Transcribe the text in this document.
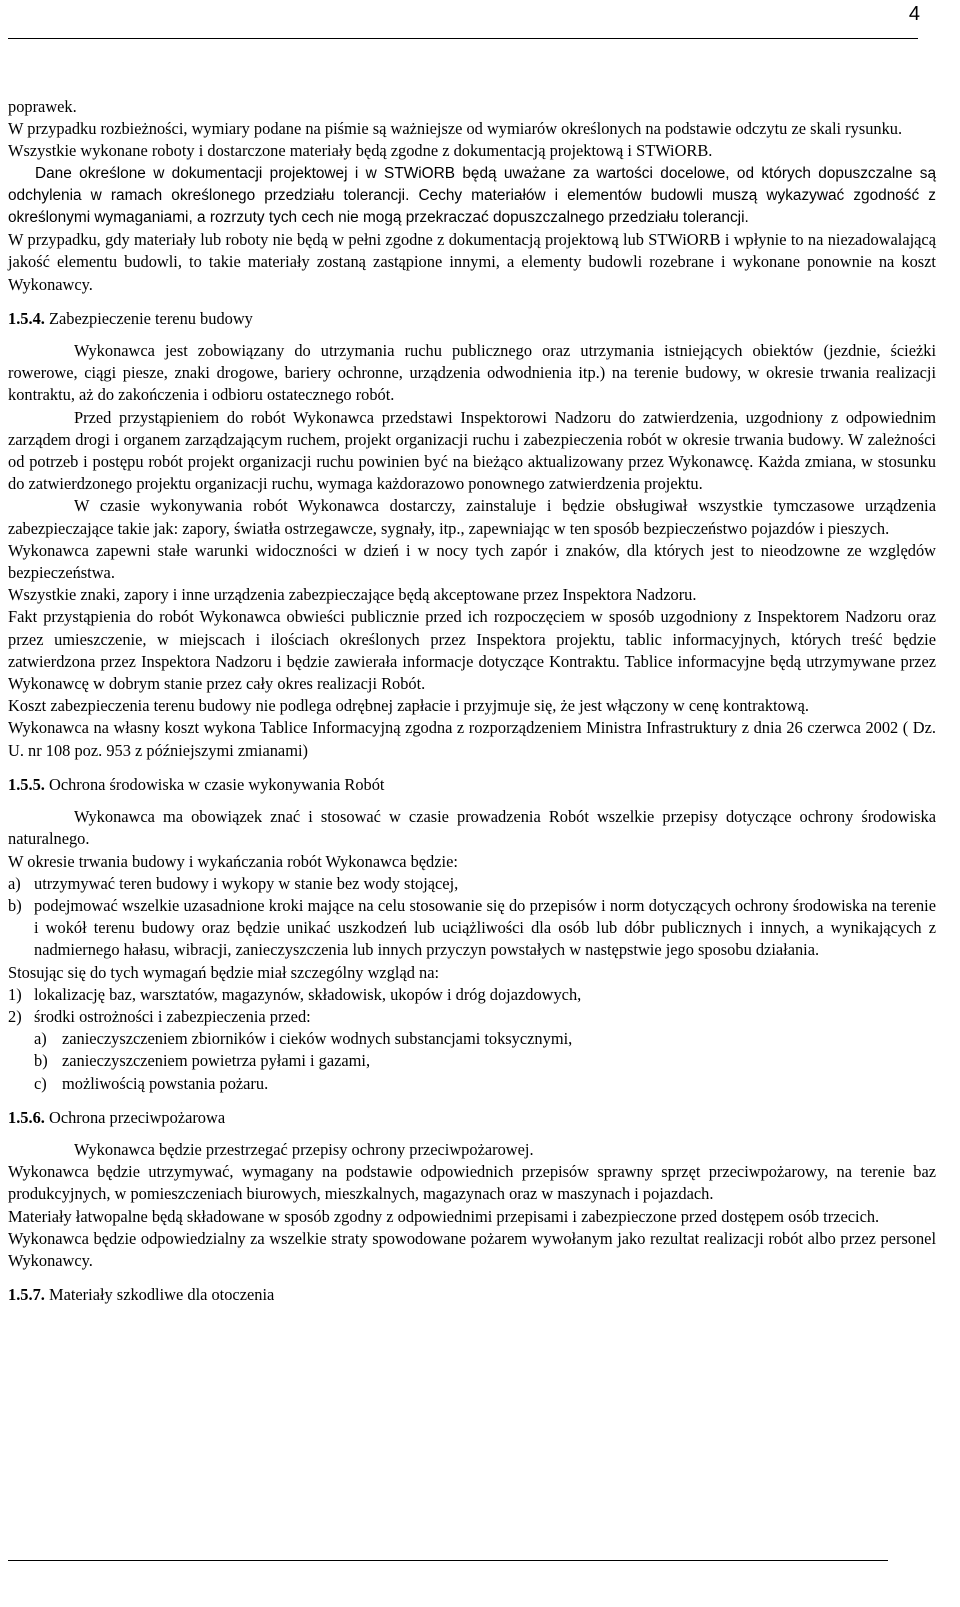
4

poprawek.

W przypadku rozbieżności, wymiary podane na piśmie są ważniejsze od wymiarów określonych na podstawie odczytu ze skali rysunku.

Wszystkie wykonane roboty i dostarczone materiały będą zgodne z dokumentacją projektową i STWiORB.

Dane określone w dokumentacji projektowej i w STWiORB będą uważane za wartości docelowe, od których dopuszczalne są odchylenia w ramach określonego przedziału tolerancji. Cechy materiałów i elementów budowli muszą wykazywać zgodność z określonymi wymaganiami, a rozrzuty tych cech nie mogą przekraczać dopuszczalnego przedziału tolerancji.

W przypadku, gdy materiały lub roboty nie będą w pełni zgodne z dokumentacją projektową lub STWiORB i wpłynie to na niezadowalającą jakość elementu budowli, to takie materiały zostaną zastąpione innymi, a elementy budowli rozebrane i wykonane ponownie na koszt Wykonawcy.

1.5.4. Zabezpieczenie terenu budowy

Wykonawca jest zobowiązany do utrzymania ruchu publicznego oraz utrzymania istniejących obiektów (jezdnie, ścieżki rowerowe, ciągi piesze, znaki drogowe, bariery ochronne, urządzenia odwodnienia itp.) na terenie budowy, w okresie trwania realizacji kontraktu, aż do zakończenia i odbioru ostatecznego robót.

Przed przystąpieniem do robót Wykonawca przedstawi Inspektorowi Nadzoru do zatwierdzenia, uzgodniony z odpowiednim zarządem drogi i organem zarządzającym ruchem, projekt organizacji ruchu i zabezpieczenia robót w okresie trwania budowy. W zależności od potrzeb i postępu robót projekt organizacji ruchu powinien być na bieżąco aktualizowany przez Wykonawcę. Każda zmiana, w stosunku do zatwierdzonego projektu organizacji ruchu, wymaga każdorazowo ponownego zatwierdzenia projektu.

W czasie wykonywania robót Wykonawca dostarczy, zainstaluje i będzie obsługiwał wszystkie tymczasowe urządzenia zabezpieczające takie jak: zapory, światła ostrzegawcze, sygnały, itp., zapewniając w ten sposób bezpieczeństwo pojazdów i pieszych.

Wykonawca zapewni stałe warunki widoczności w dzień i w nocy tych zapór i znaków, dla których jest to nieodzowne ze względów bezpieczeństwa.

Wszystkie znaki, zapory i inne urządzenia zabezpieczające będą akceptowane przez Inspektora Nadzoru.

Fakt przystąpienia do robót Wykonawca obwieści publicznie przed ich rozpoczęciem w sposób uzgodniony z Inspektorem Nadzoru oraz przez umieszczenie, w miejscach i ilościach określonych przez Inspektora projektu, tablic informacyjnych, których treść będzie zatwierdzona przez Inspektora Nadzoru i będzie zawierała informacje dotyczące Kontraktu. Tablice informacyjne będą utrzymywane przez Wykonawcę w dobrym stanie przez cały okres realizacji Robót.

Koszt zabezpieczenia terenu budowy nie podlega odrębnej zapłacie i przyjmuje się, że jest włączony w cenę kontraktową.

Wykonawca na własny koszt wykona Tablice Informacyjną zgodna z rozporządzeniem Ministra Infrastruktury z dnia 26 czerwca 2002 ( Dz. U. nr 108 poz. 953 z późniejszymi zmianami)

1.5.5. Ochrona środowiska w czasie wykonywania Robót

Wykonawca ma obowiązek znać i stosować w czasie prowadzenia Robót wszelkie przepisy dotyczące ochrony środowiska naturalnego.

W okresie trwania budowy i wykańczania robót Wykonawca będzie:

a) utrzymywać teren budowy i wykopy w stanie bez wody stojącej,
b) podejmować wszelkie uzasadnione kroki mające na celu stosowanie się do przepisów i norm dotyczących ochrony środowiska na terenie i wokół terenu budowy oraz będzie unikać uszkodzeń lub uciążliwości dla osób lub dóbr publicznych i innych, a wynikających z nadmiernego hałasu, wibracji, zanieczyszczenia lub innych przyczyn powstałych w następstwie jego sposobu działania.

Stosując się do tych wymagań będzie miał szczególny wzgląd na:

1) lokalizację baz, warsztatów, magazynów, składowisk, ukopów i dróg dojazdowych,
2) środki ostrożności i zabezpieczenia przed:
a) zanieczyszczeniem zbiorników i cieków wodnych substancjami toksycznymi,
b) zanieczyszczeniem powietrza pyłami i gazami,
c) możliwością powstania pożaru.

1.5.6. Ochrona przeciwpożarowa

Wykonawca będzie przestrzegać przepisy ochrony przeciwpożarowej.

Wykonawca będzie utrzymywać, wymagany na podstawie odpowiednich przepisów sprawny sprzęt przeciwpożarowy, na terenie baz produkcyjnych, w pomieszczeniach biurowych, mieszkalnych, magazynach oraz w maszynach i pojazdach.

Materiały łatwopalne będą składowane w sposób zgodny z odpowiednimi przepisami i zabezpieczone przed dostępem osób trzecich.

Wykonawca będzie odpowiedzialny za wszelkie straty spowodowane pożarem wywołanym jako rezultat realizacji robót albo przez personel Wykonawcy.

1.5.7. Materiały szkodliwe dla otoczenia
